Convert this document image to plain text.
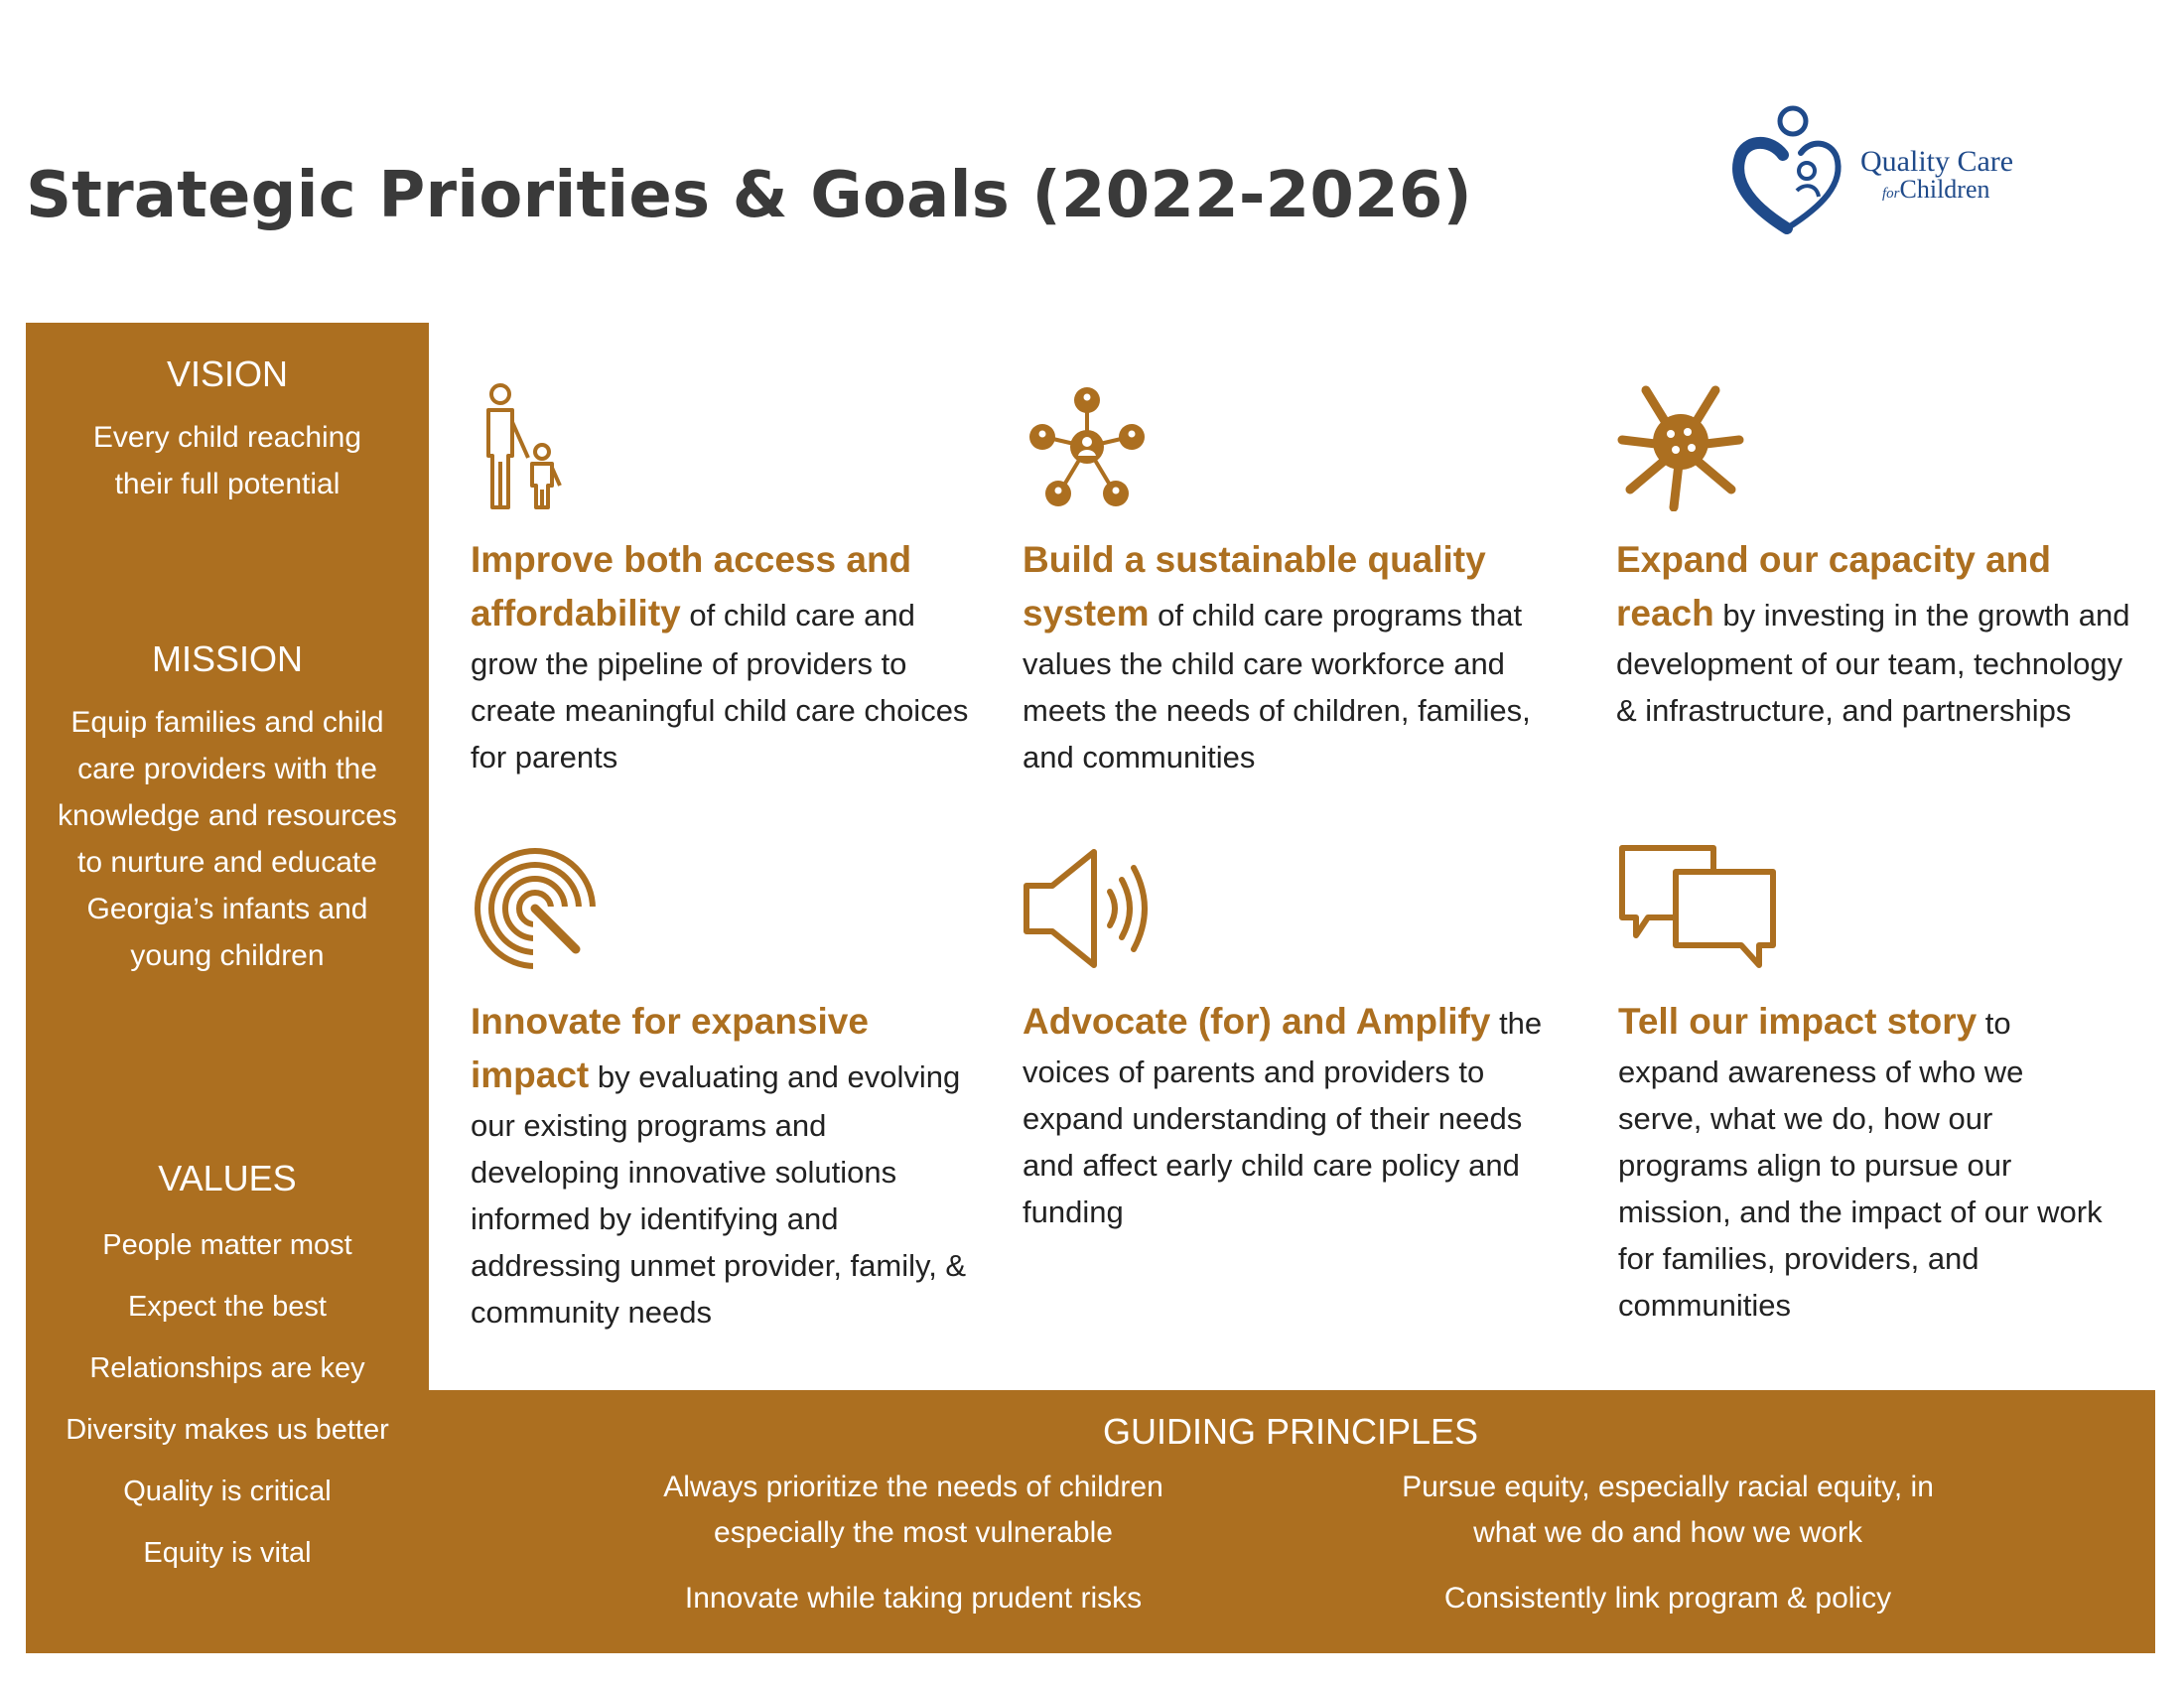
Strategic Priorities & Goals (2022-2026)	Quality Care
forChildren
VISION
Every child reaching their full potential
MISSION
Equip families and child care providers with the knowledge and resources to nurture and educate Georgia’s infants and young children
VALUES
People matter most
Expect the best
Relationships are key
Diversity makes us better
Quality is critical
Equity is vital
Improve both access and affordability of child care and grow the pipeline of providers to create meaningful child care choices for parents
Build a sustainable quality system of child care programs that values the child care workforce and meets the needs of children, families, and communities
Expand our capacity and reach by investing in the growth and development of our team, technology & infrastructure, and partnerships
Innovate for expansive impact by evaluating and evolving our existing programs and developing innovative solutions informed by identifying and addressing unmet provider, family, & community needs
Advocate (for) and Amplify the voices of parents and providers to expand understanding of their needs and affect early child care policy and funding
Tell our impact story to expand awareness of who we serve, what we do, how our programs align to pursue our mission, and the impact of our work for families, providers, and communities
GUIDING PRINCIPLES
Always prioritize the needs of children especially the most vulnerable
Innovate while taking prudent risks
Pursue equity, especially racial equity, in what we do and how we work
Consistently link program & policy
